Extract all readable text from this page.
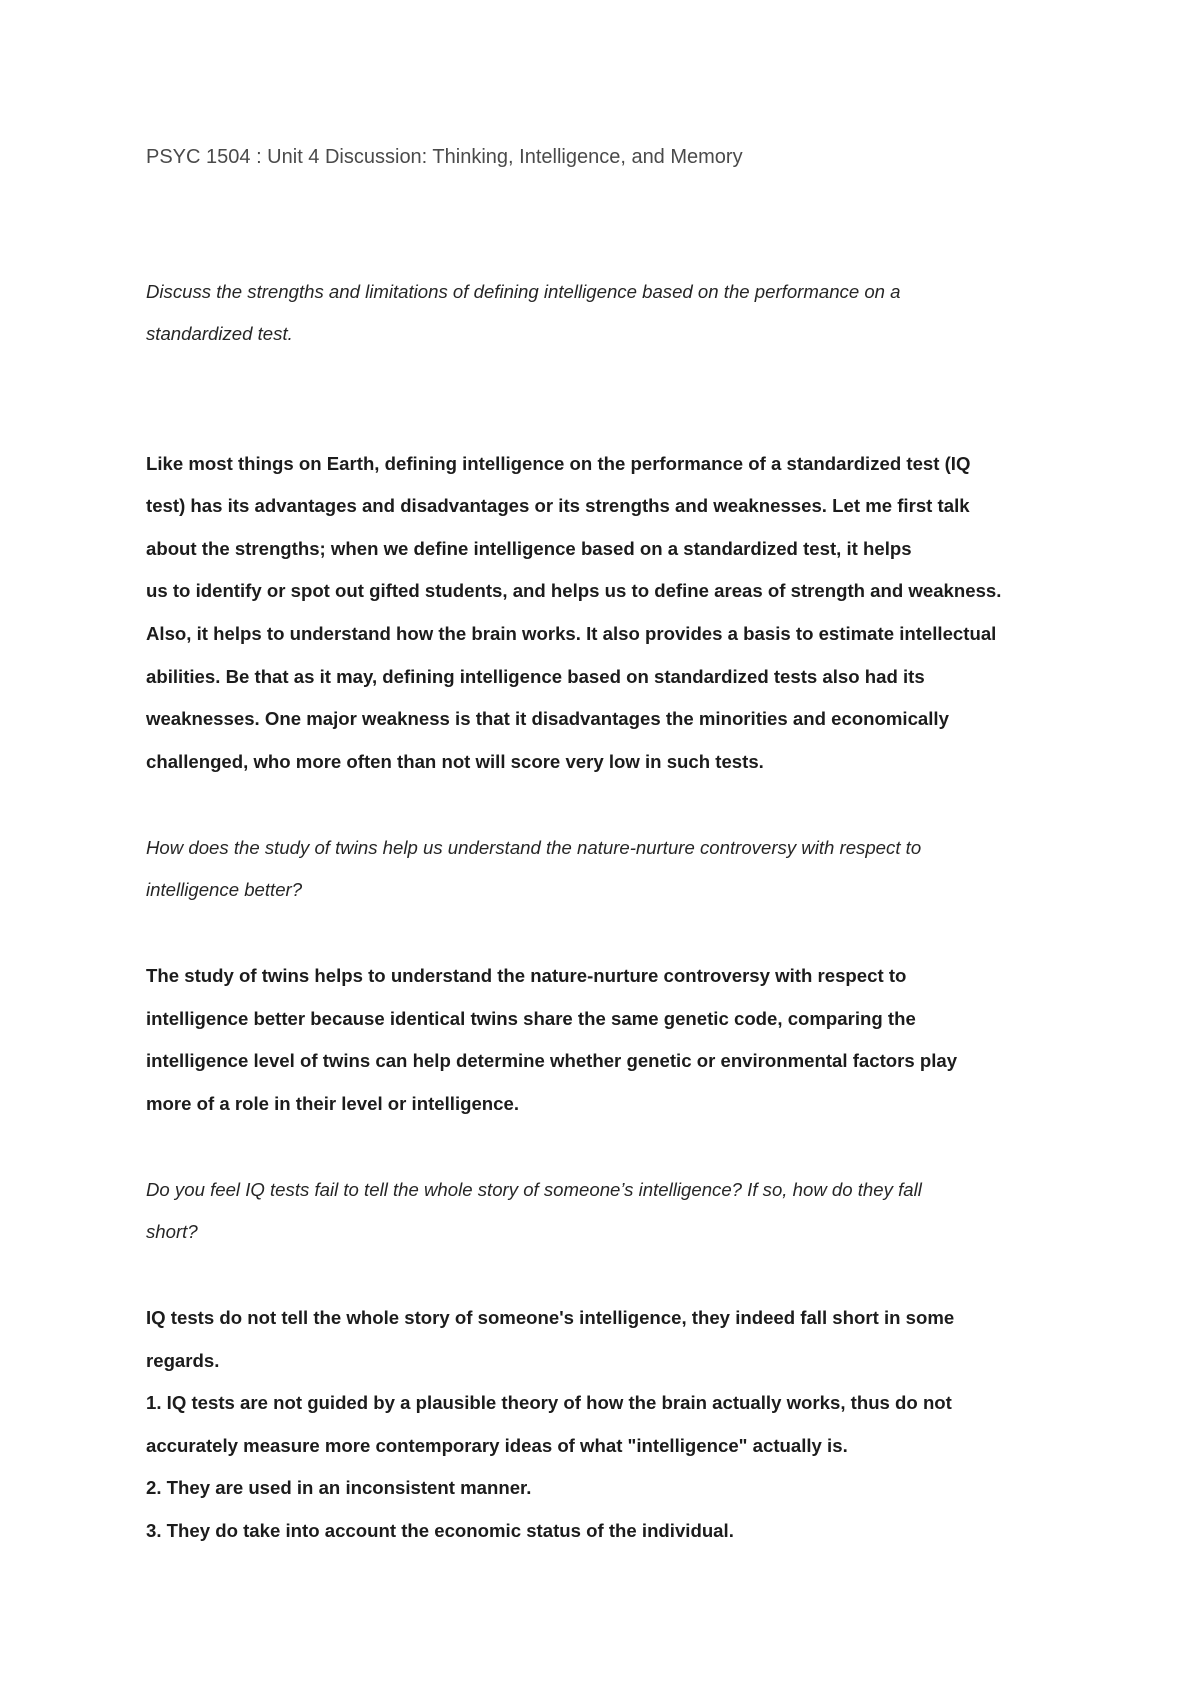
PSYC 1504 : Unit 4 Discussion: Thinking, Intelligence, and Memory
Discuss the strengths and limitations of defining intelligence based on the performance on a
standardized test.
Like most things on Earth, defining intelligence on the performance of a standardized test (IQ
test) has its advantages and disadvantages or its strengths and weaknesses. Let me first talk
about the strengths; when we define intelligence based on a standardized test, it helps
us to identify or spot out gifted students, and helps us to define areas of strength and weakness.
Also, it helps to understand how the brain works. It also provides a basis to estimate intellectual
abilities. Be that as it may, defining intelligence based on standardized tests also had its
weaknesses. One major weakness is that it disadvantages the minorities and economically
challenged, who more often than not will score very low in such tests.
How does the study of twins help us understand the nature-nurture controversy with respect to
intelligence better?
The study of twins helps to understand the nature-nurture controversy with respect to
intelligence better because identical twins share the same genetic code, comparing the
intelligence level of twins can help determine whether genetic or environmental factors play
more of a role in their level or intelligence.
Do you feel IQ tests fail to tell the whole story of someone’s intelligence? If so, how do they fall
short?
IQ tests do not tell the whole story of someone's intelligence, they indeed fall short in some
regards.
1. IQ tests are not guided by a plausible theory of how the brain actually works, thus do not
accurately measure more contemporary ideas of what "intelligence" actually is.
2. They are used in an inconsistent manner.
3. They do take into account the economic status of the individual.
